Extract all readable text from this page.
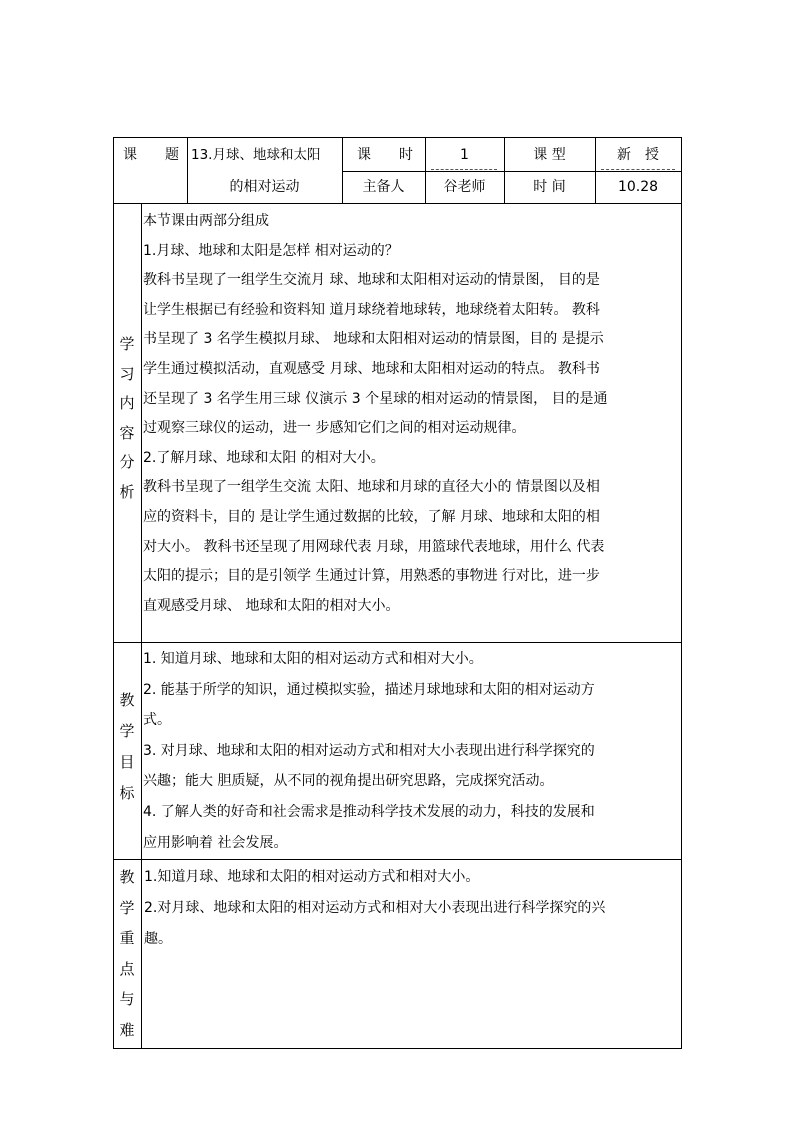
课　　题 13.月球、地球和太阳	课　　时	1	课 型	新　授
的相对运动	主备人	谷老师	时 间	10.28
学
习
内
容
分
析
本节课由两部分组成
1.月球、地球和太阳是怎样 相对运动的？
教科书呈现了一组学生交流月 球、地球和太阳相对运动的情景图， 目的是
让学生根据已有经验和资料知 道月球绕着地球转，地球绕着太阳转。 教科
书呈现了 3 名学生模拟月球、 地球和太阳相对运动的情景图，目的 是提示
学生通过模拟活动，直观感受 月球、地球和太阳相对运动的特点。 教科书
还呈现了 3 名学生用三球 仪演示 3 个星球的相对运动的情景图， 目的是通
过观察三球仪的运动，进一 步感知它们之间的相对运动规律。
2.了解月球、地球和太阳 的相对大小。
教科书呈现了一组学生交流 太阳、地球和月球的直径大小的 情景图以及相
应的资料卡，目的 是让学生通过数据的比较，了解 月球、地球和太阳的相
对大小。 教科书还呈现了用网球代表 月球，用篮球代表地球，用什么 代表
太阳的提示；目的是引领学 生通过计算，用熟悉的事物进 行对比，进一步
直观感受月球、 地球和太阳的相对大小。
教
学
目
标
1. 知道月球、地球和太阳的相对运动方式和相对大小。
2. 能基于所学的知识，通过模拟实验，描述月球地球和太阳的相对运动方
式。
3. 对月球、地球和太阳的相对运动方式和相对大小表现出进行科学探究的
兴趣；能大 胆质疑，从不同的视角提出研究思路，完成探究活动。
4. 了解人类的好奇和社会需求是推动科学技术发展的动力，科技的发展和
应用影响着 社会发展。
教
学
重
点
与
难
1.知道月球、地球和太阳的相对运动方式和相对大小。
2.对月球、地球和太阳的相对运动方式和相对大小表现出进行科学探究的兴
趣。
